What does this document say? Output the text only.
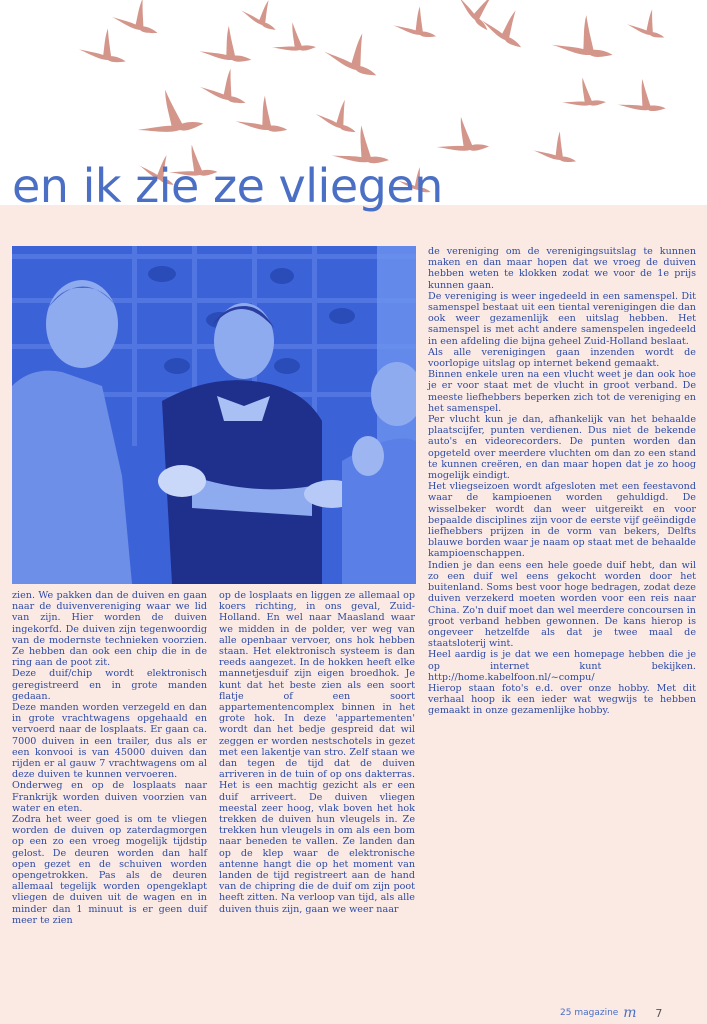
en ik zie ze vliegen

zien. We pakken dan de duiven en gaan naar de duivenvereniging waar we lid van zijn. Hier worden de duiven ingekorfd. De duiven zijn tegenwoordig van de modernste technieken voorzien. Ze hebben dan ook een chip die in de ring aan de poot zit.

Deze duif/chip wordt elektronisch geregistreerd en in grote manden gedaan.

Deze manden worden verzegeld en dan in grote vrachtwagens opgehaald en vervoerd naar de losplaats. Er gaan ca. 7000 duiven in een trailer, dus als er een konvooi is van 45000 duiven dan rijden er al gauw 7 vrachtwagens om al deze duiven te kunnen vervoeren.

Onderweg en op de losplaats naar Frankrijk worden duiven voorzien van water en eten.

Zodra het weer goed is om te vliegen worden de duiven op zaterdagmorgen op een zo een vroeg mogelijk tijdstip gelost. De deuren worden dan half open gezet en de schuiven worden opengetrokken. Pas als de deuren allemaal tegelijk worden opengeklapt vliegen de duiven uit de wagen en in minder dan 1 minuut is er geen duif meer te zien

op de losplaats en liggen ze allemaal op koers richting, in ons geval, Zuid-Holland. En wel naar Maasland waar we midden in de polder, ver weg van alle openbaar vervoer, ons hok hebben staan. Het elektronisch systeem is dan reeds aangezet. In de hokken heeft elke mannetjesduif zijn eigen broedhok. Je kunt dat het beste zien als een soort flatje of een soort appartementencomplex binnen in het grote hok. In deze 'appartementen' wordt dan het bedje gespreid dat wil zeggen er worden nestschotels in gezet met een lakentje van stro. Zelf staan we dan tegen de tijd dat de duiven arriveren in de tuin of op ons dakterras. Het is een machtig gezicht als er een duif arriveert. De duiven vliegen meestal zeer hoog, vlak boven het hok trekken de duiven hun vleugels in. Ze trekken hun vleugels in om als een bom naar beneden te vallen. Ze landen dan op de klep waar de elektronische antenne hangt die op het moment van landen de tijd registreert aan de hand van de chipring die de duif om zijn poot heeft zitten. Na verloop van tijd, als alle duiven thuis zijn, gaan we weer naar

de vereniging om de verenigingsuitslag te kunnen maken en dan maar hopen dat we vroeg de duiven hebben weten te klokken zodat we voor de 1e prijs kunnen gaan.

De vereniging is weer ingedeeld in een samenspel. Dit samenspel bestaat uit een tiental verenigingen die dan ook weer gezamenlijk een uitslag hebben. Het samenspel is met acht andere samenspelen ingedeeld in een afdeling die bijna geheel Zuid-Holland beslaat.

Als alle verenigingen gaan inzenden wordt de voorlopige uitslag op internet bekend gemaakt.

Binnen enkele uren na een vlucht weet je dan ook hoe je er voor staat met de vlucht in groot verband. De meeste liefhebbers beperken zich tot de vereniging en het samenspel.

Per vlucht kun je dan, afhankelijk van het behaalde plaatscijfer, punten verdienen. Dus niet de bekende auto's en videorecorders. De punten worden dan opgeteld over meerdere vluchten om dan zo een stand te kunnen creëren, en dan maar hopen dat je zo hoog mogelijk eindigt.

Het vliegseizoen wordt afgesloten met een feestavond waar de kampioenen worden gehuldigd. De wisselbeker wordt dan weer uitgereikt en voor bepaalde disciplines zijn voor de eerste vijf geëindigde liefhebbers prijzen in de vorm van bekers, Delfts blauwe borden waar je naam op staat met de behaalde kampioenschappen.

Indien je dan eens een hele goede duif hebt, dan wil zo een duif wel eens gekocht worden door het buitenland. Soms best voor hoge bedragen, zodat deze duiven verzekerd moeten worden voor een reis naar China. Zo'n duif moet dan wel meerdere concoursen in groot verband hebben gewonnen. De kans hierop is ongeveer hetzelfde als dat je twee maal de staatsloterij wint.

Heel aardig is je dat we een homepage hebben die je op internet kunt bekijken. http://home.kabelfoon.nl/~compu/

Hierop staan foto's e.d. over onze hobby. Met dit verhaal hoop ik een ieder wat wegwijs te hebben gemaakt in onze gezamenlijke hobby.

25 magazine m 7
